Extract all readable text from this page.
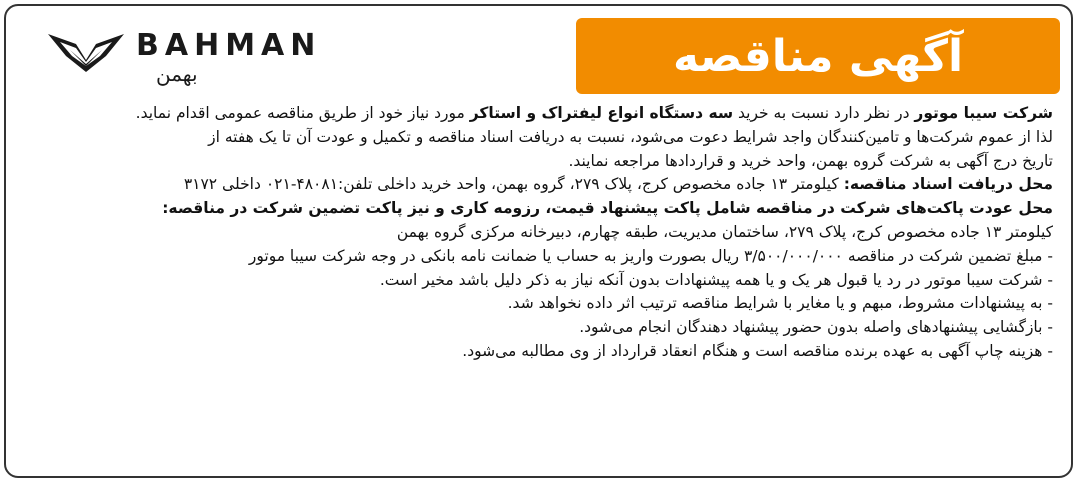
آگهی مناقصه
BAHMAN
بهمن
شرکت سیبا موتور در نظر دارد نسبت به خرید سه دستگاه انواع لیفتراک و استاکر مورد نیاز خود از طریق مناقصه عمومی اقدام نماید.
لذا از عموم شرکت‌ها و تامین‌کنندگان واجد شرایط دعوت می‌شود، نسبت به دریافت اسناد مناقصه و تکمیل و عودت آن تا یک هفته از
تاریخ درج آگهی به شرکت گروه بهمن، واحد خرید و قراردادها مراجعه نمایند.
محل دریافت اسناد مناقصه: کیلومتر ۱۳ جاده مخصوص کرج، پلاک ۲۷۹، گروه بهمن، واحد خرید داخلی تلفن:۴۸۰۸۱-۰۲۱ داخلی ۳۱۷۲
محل عودت پاکت‌های شرکت در مناقصه شامل پاکت پیشنهاد قیمت، رزومه کاری و نیز پاکت تضمین شرکت در مناقصه:
کیلومتر ۱۳ جاده مخصوص کرج، پلاک ۲۷۹، ساختمان مدیریت، طبقه چهارم، دبیرخانه مرکزی گروه بهمن
- مبلغ تضمین شرکت در مناقصه ۳/۵۰۰/۰۰۰/۰۰۰ ریال بصورت واریز به حساب یا ضمانت نامه بانکی در وجه شرکت سیبا موتور
- شرکت سیبا موتور در رد یا قبول هر یک و یا همه پیشنهادات بدون آنکه نیاز به ذکر دلیل باشد مخیر است.
- به پیشنهادات مشروط، مبهم و یا مغایر با شرایط مناقصه ترتیب اثر داده نخواهد شد.
- بازگشایی پیشنهادهای واصله بدون حضور پیشنهاد دهندگان انجام می‌شود.
- هزینه چاپ آگهی به عهده برنده مناقصه است و هنگام انعقاد قرارداد از وی مطالبه می‌شود.
